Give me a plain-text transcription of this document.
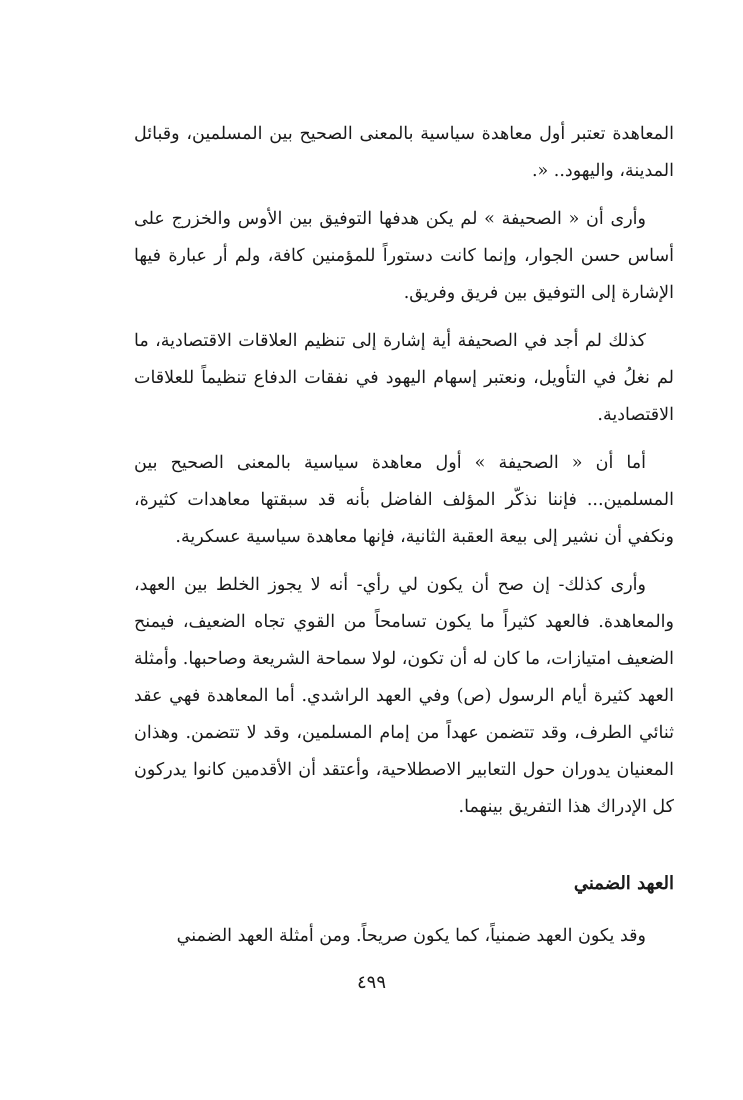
المعاهدة تعتبر أول معاهدة سياسية بالمعنى الصحيح بين المسلمين، وقبائل المدينة، واليهود.. «.

وأرى أن « الصحيفة » لم يكن هدفها التوفيق بين الأوس والخزرج على أساس حسن الجوار، وإنما كانت دستوراً للمؤمنين كافة، ولم أر عبارة فيها الإشارة إلى التوفيق بين فريق وفريق.

كذلك لم أجد في الصحيفة أية إشارة إلى تنظيم العلاقات الاقتصادية، ما لم نغلُ في التأويل، ونعتبر إسهام اليهود في نفقات الدفاع تنظيماً للعلاقات الاقتصادية.

أما أن « الصحيفة » أول معاهدة سياسية بالمعنى الصحيح بين المسلمين... فإننا نذكّر المؤلف الفاضل بأنه قد سبقتها معاهدات كثيرة، ونكفي أن نشير إلى بيعة العقبة الثانية، فإنها معاهدة سياسية عسكرية.

وأرى كذلك- إن صح أن يكون لي رأي- أنه لا يجوز الخلط بين العهد، والمعاهدة. فالعهد كثيراً ما يكون تسامحاً من القوي تجاه الضعيف، فيمنح الضعيف امتيازات، ما كان له أن تكون، لولا سماحة الشريعة وصاحبها. وأمثلة العهد كثيرة أيام الرسول (ص) وفي العهد الراشدي. أما المعاهدة فهي عقد ثنائي الطرف، وقد تتضمن عهداً من إمام المسلمين، وقد لا تتضمن. وهذان المعنيان يدوران حول التعابير الاصطلاحية، وأعتقد أن الأقدمين كانوا يدركون كل الإدراك هذا التفريق بينهما.

العهد الضمني

وقد يكون العهد ضمنياً، كما يكون صريحاً. ومن أمثلة العهد الضمني

٤٩٩
